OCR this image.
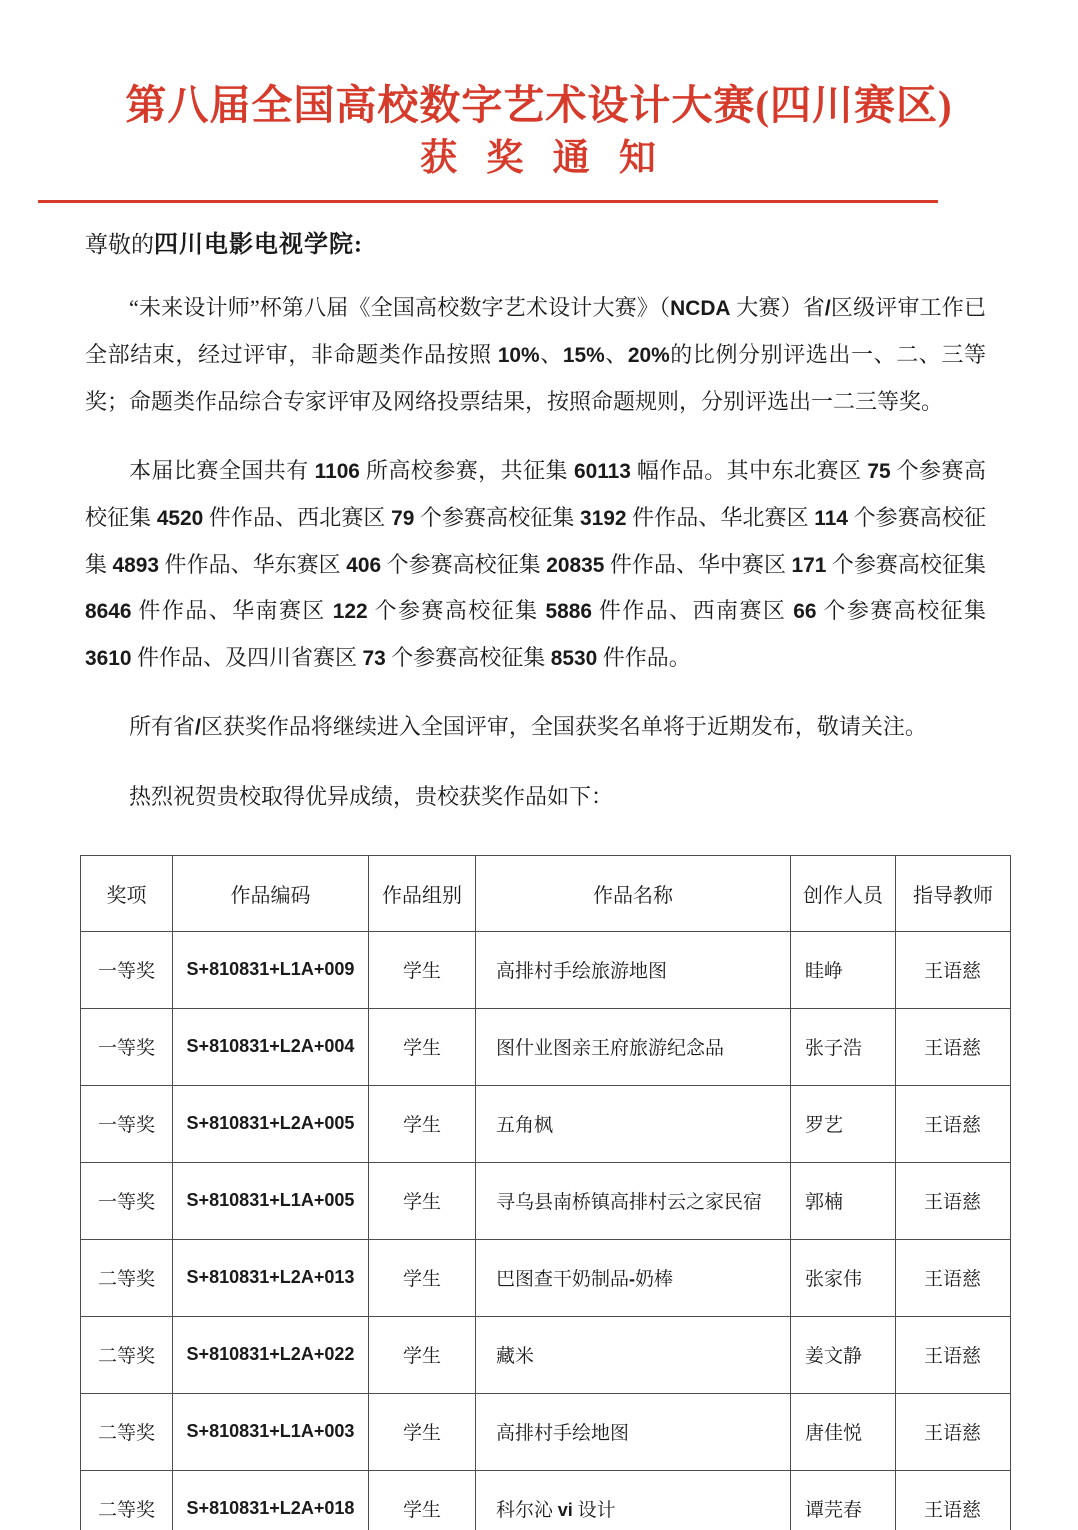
第八届全国高校数字艺术设计大赛(四川赛区)
获 奖 通 知

尊敬的四川电影电视学院:

“未来设计师”杯第八届《全国高校数字艺术设计大赛》（NCDA 大赛）省/区级评审工作已全部结束，经过评审，非命题类作品按照 10%、15%、20%的比例分别评选出一、二、三等奖；命题类作品综合专家评审及网络投票结果，按照命题规则，分别评选出一二三等奖。

本届比赛全国共有 1106 所高校参赛，共征集 60113 幅作品。其中东北赛区 75 个参赛高校征集 4520 件作品、西北赛区 79 个参赛高校征集 3192 件作品、华北赛区 114 个参赛高校征集 4893 件作品、华东赛区 406 个参赛高校征集 20835 件作品、华中赛区 171 个参赛高校征集 8646 件作品、华南赛区 122 个参赛高校征集 5886 件作品、西南赛区 66 个参赛高校征集 3610 件作品、及四川省赛区 73 个参赛高校征集 8530 件作品。

所有省/区获奖作品将继续进入全国评审，全国获奖名单将于近期发布，敬请关注。

热烈祝贺贵校取得优异成绩，贵校获奖作品如下：

奖项	作品编码	作品组别	作品名称	创作人员	指导教师
一等奖	S+810831+L1A+009	学生	高排村手绘旅游地图	眭峥	王语慈
一等奖	S+810831+L2A+004	学生	图什业图亲王府旅游纪念品	张子浩	王语慈
一等奖	S+810831+L2A+005	学生	五角枫	罗艺	王语慈
一等奖	S+810831+L1A+005	学生	寻乌县南桥镇高排村云之家民宿	郭楠	王语慈
二等奖	S+810831+L2A+013	学生	巴图查干奶制品-奶棒	张家伟	王语慈
二等奖	S+810831+L2A+022	学生	藏米	姜文静	王语慈
二等奖	S+810831+L1A+003	学生	高排村手绘地图	唐佳悦	王语慈
二等奖	S+810831+L2A+018	学生	科尔沁 vi 设计	谭芫春	王语慈
